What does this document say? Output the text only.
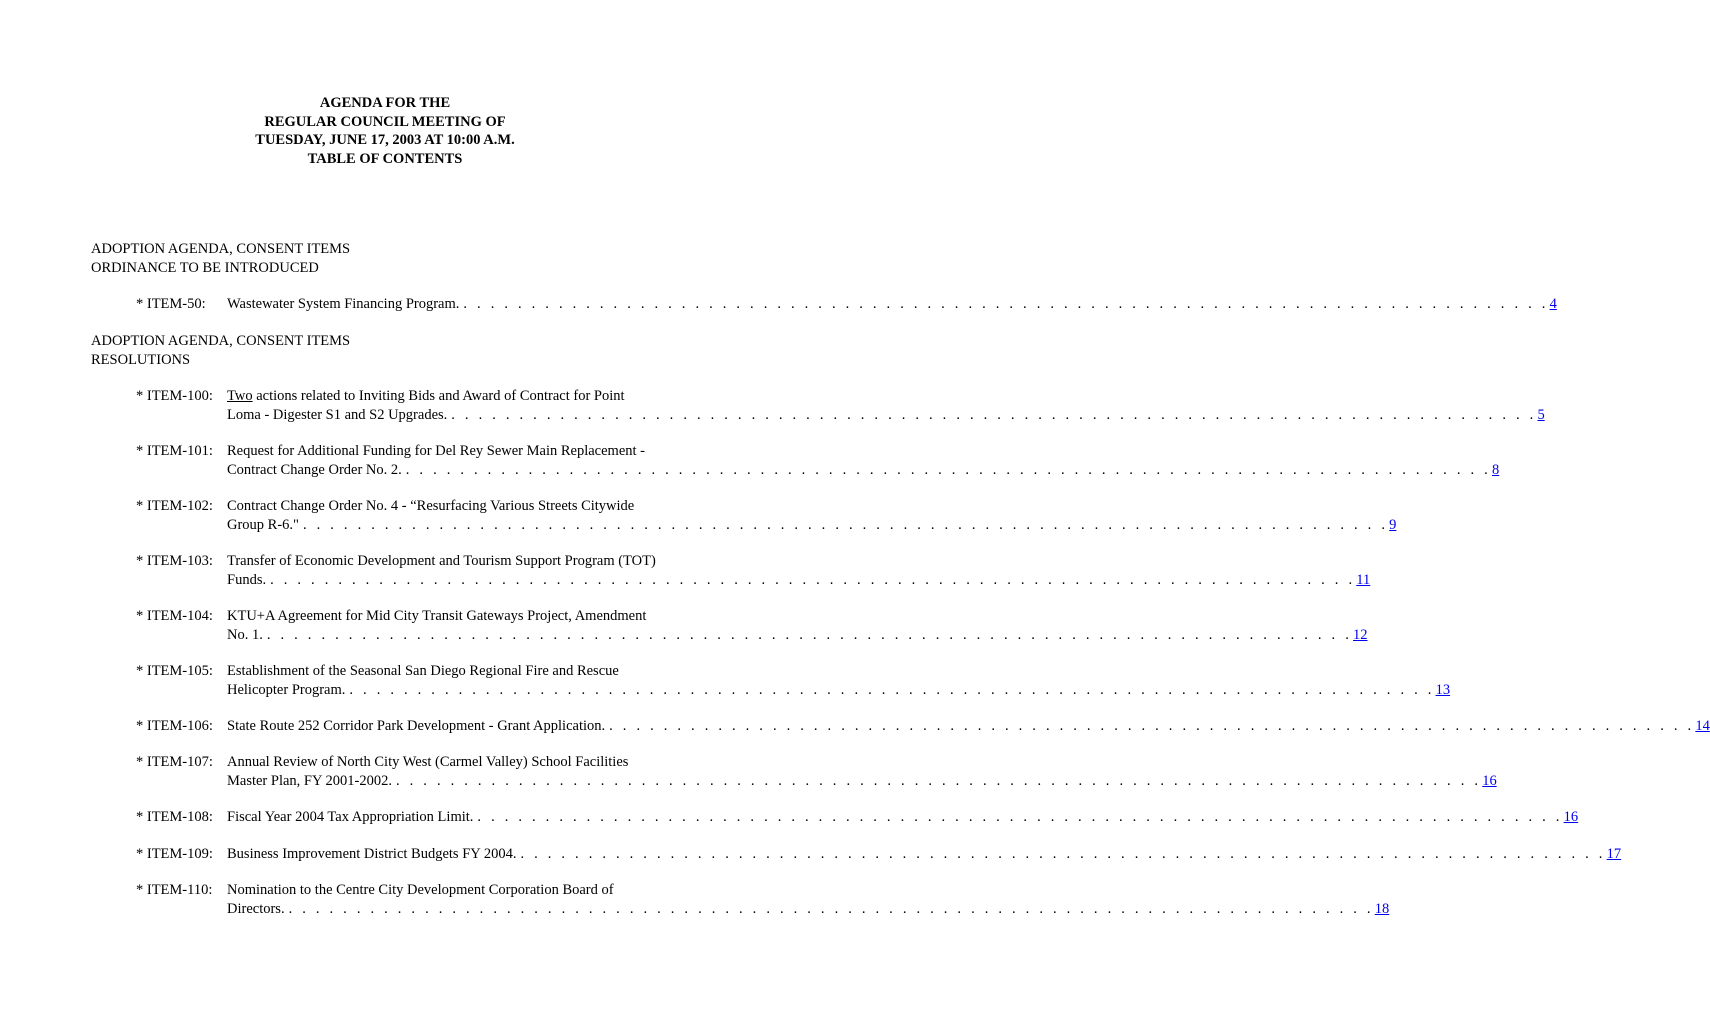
AGENDA FOR THE
REGULAR COUNCIL MEETING OF
TUESDAY, JUNE 17, 2003 AT 10:00 A.M.
TABLE OF CONTENTS
ADOPTION AGENDA, CONSENT ITEMS
ORDINANCE TO BE INTRODUCED
* ITEM-50: Wastewater System Financing Program. . . . . . . . . . . . . . . . . . . . . . . . . . . . . . . . . . . . . . . . . . . . . . . . . . . . . . . . . . . . . . . . . . . . . . . . . . . . . . . . . 4
ADOPTION AGENDA, CONSENT ITEMS
RESOLUTIONS
* ITEM-100: Two actions related to Inviting Bids and Award of Contract for Point
Loma - Digester S1 and S2 Upgrades. . . . . . . . . . . . . . . . . . . . . . . . . . . . . . . . . . . . . . . . . . . . . . . . . . . . . . . . . . . . . . . . . . . . . . . . . . . . . . . . . 5
* ITEM-101: Request for Additional Funding for Del Rey Sewer Main Replacement -
Contract Change Order No. 2. . . . . . . . . . . . . . . . . . . . . . . . . . . . . . . . . . . . . . . . . . . . . . . . . . . . . . . . . . . . . . . . . . . . . . . . . . . . . . . . . 8
* ITEM-102: Contract Change Order No. 4 - “Resurfacing Various Streets Citywide
Group R-6." . . . . . . . . . . . . . . . . . . . . . . . . . . . . . . . . . . . . . . . . . . . . . . . . . . . . . . . . . . . . . . . . . . . . . . . . . . . . . . . . 9
* ITEM-103: Transfer of Economic Development and Tourism Support Program (TOT)
Funds. . . . . . . . . . . . . . . . . . . . . . . . . . . . . . . . . . . . . . . . . . . . . . . . . . . . . . . . . . . . . . . . . . . . . . . . . . . . . . . . . 11
* ITEM-104: KTU+A Agreement for Mid City Transit Gateways Project, Amendment
No. 1. . . . . . . . . . . . . . . . . . . . . . . . . . . . . . . . . . . . . . . . . . . . . . . . . . . . . . . . . . . . . . . . . . . . . . . . . . . . . . . . . 12
* ITEM-105: Establishment of the Seasonal San Diego Regional Fire and Rescue
Helicopter Program. . . . . . . . . . . . . . . . . . . . . . . . . . . . . . . . . . . . . . . . . . . . . . . . . . . . . . . . . . . . . . . . . . . . . . . . . . . . . . . . . 13
* ITEM-106: State Route 252 Corridor Park Development - Grant Application. . . . . . . . . . . . . . . . . . . . . . . . . . . . . . . . . . . . . . . . . . . . . . . . . . . . . . . . . . . . . . . . . . . . . . . . . . . . . . . . . 14
* ITEM-107: Annual Review of North City West (Carmel Valley) School Facilities
Master Plan, FY 2001-2002. . . . . . . . . . . . . . . . . . . . . . . . . . . . . . . . . . . . . . . . . . . . . . . . . . . . . . . . . . . . . . . . . . . . . . . . . . . . . . . . . 16
* ITEM-108: Fiscal Year 2004 Tax Appropriation Limit. . . . . . . . . . . . . . . . . . . . . . . . . . . . . . . . . . . . . . . . . . . . . . . . . . . . . . . . . . . . . . . . . . . . . . . . . . . . . . . . . 16
* ITEM-109: Business Improvement District Budgets FY 2004. . . . . . . . . . . . . . . . . . . . . . . . . . . . . . . . . . . . . . . . . . . . . . . . . . . . . . . . . . . . . . . . . . . . . . . . . . . . . . . . . 17
* ITEM-110: Nomination to the Centre City Development Corporation Board of
Directors. . . . . . . . . . . . . . . . . . . . . . . . . . . . . . . . . . . . . . . . . . . . . . . . . . . . . . . . . . . . . . . . . . . . . . . . . . . . . . . . . 18
